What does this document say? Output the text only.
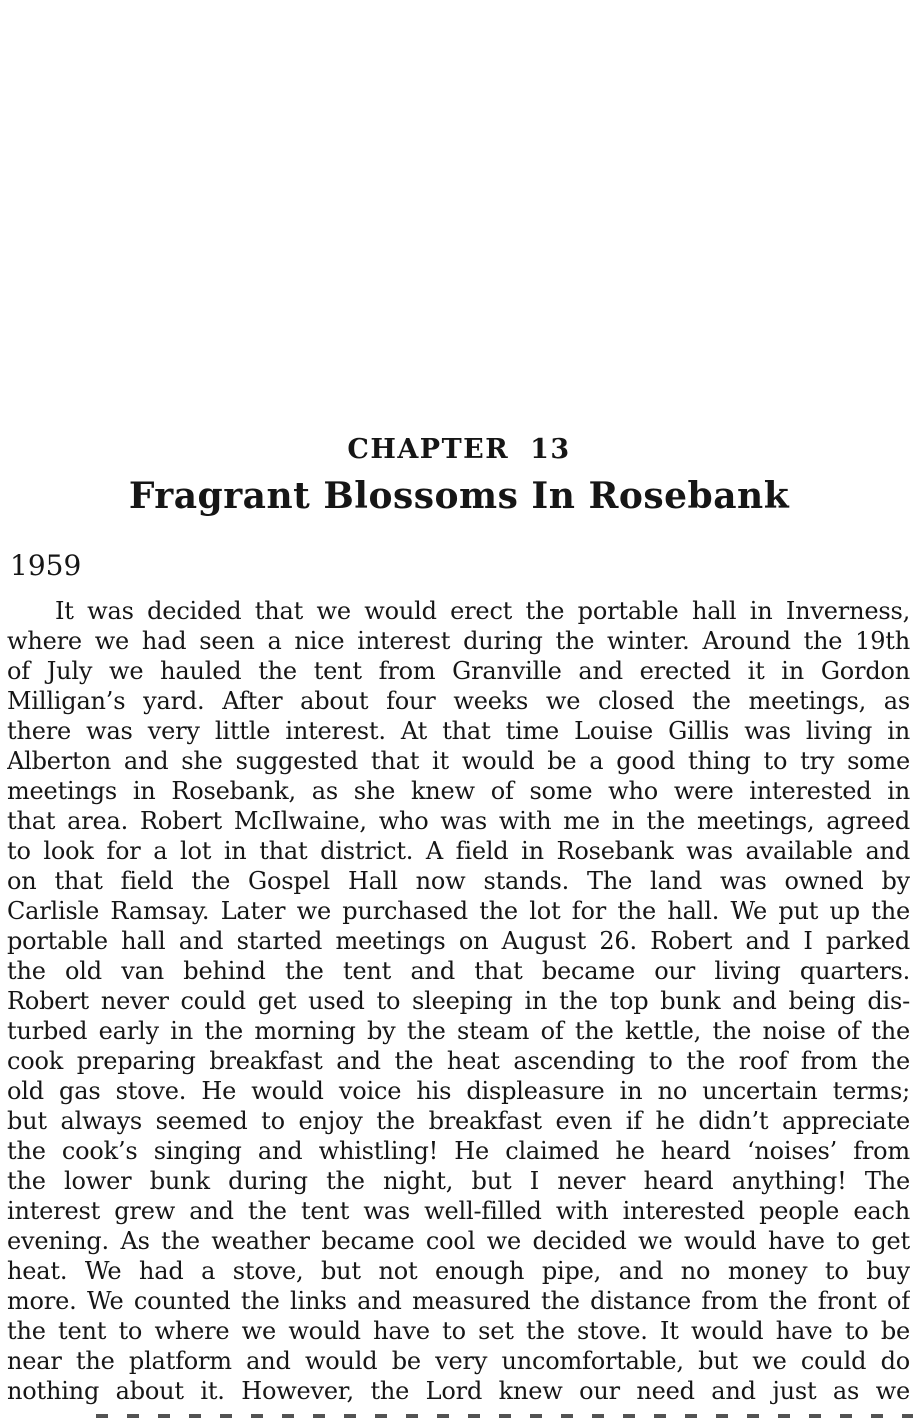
CHAPTER 13
Fragrant Blossoms In Rosebank
1959
It was decided that we would erect the portable hall in Inverness,
where we had seen a nice interest during the winter. Around the 19th
of July we hauled the tent from Granville and erected it in Gordon
Milligan’s yard. After about four weeks we closed the meetings, as
there was very little interest. At that time Louise Gillis was living in
Alberton and she suggested that it would be a good thing to try some
meetings in Rosebank, as she knew of some who were interested in
that area. Robert McIlwaine, who was with me in the meetings, agreed
to look for a lot in that district. A field in Rosebank was available and
on that field the Gospel Hall now stands. The land was owned by
Carlisle Ramsay. Later we purchased the lot for the hall. We put up the
portable hall and started meetings on August 26. Robert and I parked
the old van behind the tent and that became our living quarters.
Robert never could get used to sleeping in the top bunk and being dis-
turbed early in the morning by the steam of the kettle, the noise of the
cook preparing breakfast and the heat ascending to the roof from the
old gas stove. He would voice his displeasure in no uncertain terms;
but always seemed to enjoy the breakfast even if he didn’t appreciate
the cook’s singing and whistling! He claimed he heard ‘noises’ from
the lower bunk during the night, but I never heard anything! The
interest grew and the tent was well-filled with interested people each
evening. As the weather became cool we decided we would have to get
heat. We had a stove, but not enough pipe, and no money to buy
more. We counted the links and measured the distance from the front of
the tent to where we would have to set the stove. It would have to be
near the platform and would be very uncomfortable, but we could do
nothing about it. However, the Lord knew our need and just as we
